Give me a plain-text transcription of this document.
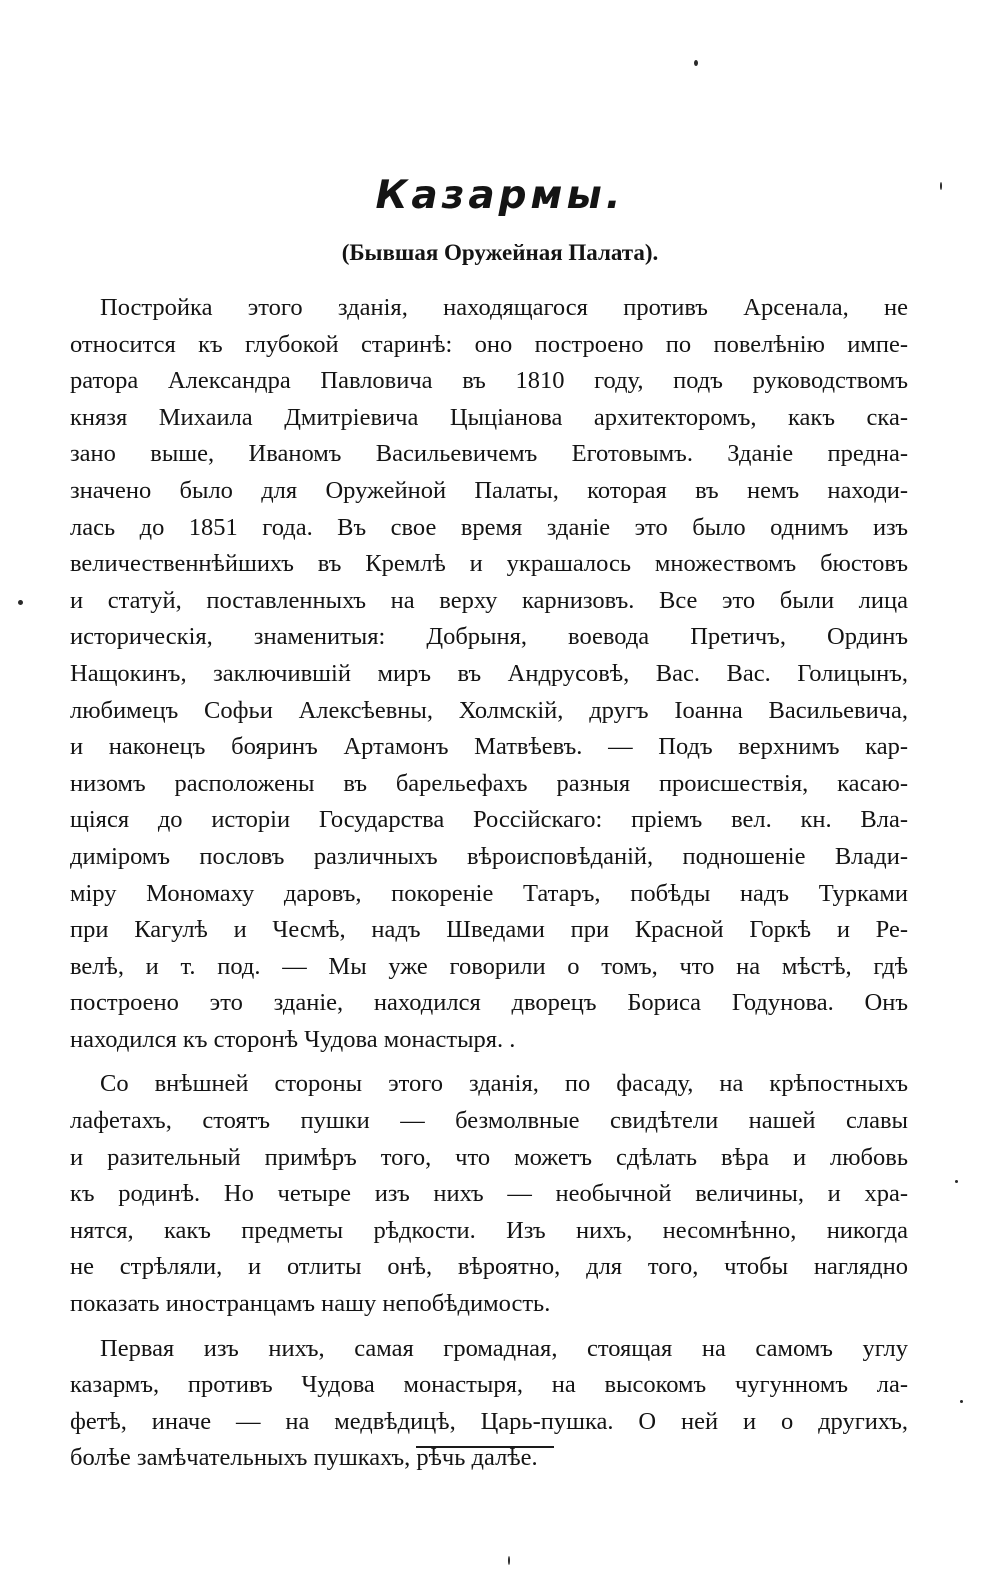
Казармы.
(Бывшая Оружейная Палата).
Постройка этого зданія, находящагося противъ Арсенала, не
относится къ глубокой старинѣ: оно построено по повелѣнію импе-
ратора Александра Павловича въ 1810 году, подъ руководствомъ
князя Михаила Дмитріевича Цыціанова архитекторомъ, какъ ска-
зано выше, Иваномъ Васильевичемъ Еготовымъ. Зданіе предна-
значено было для Оружейной Палаты, которая въ немъ находи-
лась до 1851 года. Въ свое время зданіе это было однимъ изъ
величественнѣйшихъ въ Кремлѣ и украшалось множествомъ бюстовъ
и статуй, поставленныхъ на верху карнизовъ. Все это были лица
историческія, знаменитыя: Добрыня, воевода Претичъ, Ординъ
Нащокинъ, заключившій миръ въ Андрусовѣ, Вас. Вас. Голицынъ,
любимецъ Софьи Алексѣевны, Холмскій, другъ Іоанна Васильевича,
и наконецъ бояринъ Артамонъ Матвѣевъ. — Подъ верхнимъ кар-
низомъ расположены въ барельефахъ разныя происшествія, касаю-
щіяся до исторіи Государства Россійскаго: пріемъ вел. кн. Вла-
диміромъ пословъ различныхъ вѣроисповѣданій, подношеніе Влади-
міру Мономаху даровъ, покореніе Татаръ, побѣды надъ Турками
при Кагулѣ и Чесмѣ, надъ Шведами при Красной Горкѣ и Ре-
велѣ, и т. под. — Мы уже говорили о томъ, что на мѣстѣ, гдѣ
построено это зданіе, находился дворецъ Бориса Годунова. Онъ
находился къ сторонѣ Чудова монастыря. .
Со внѣшней стороны этого зданія, по фасаду, на крѣпостныхъ
лафетахъ, стоятъ пушки — безмолвные свидѣтели нашей славы
и разительный примѣръ того, что можетъ сдѣлать вѣра и любовь
къ родинѣ. Но четыре изъ нихъ — необычной величины, и хра-
нятся, какъ предметы рѣдкости. Изъ нихъ, несомнѣнно, никогда
не стрѣляли, и отлиты онѣ, вѣроятно, для того, чтобы наглядно
показать иностранцамъ нашу непобѣдимость.
Первая изъ нихъ, самая громадная, стоящая на самомъ углу
казармъ, противъ Чудова монастыря, на высокомъ чугунномъ ла-
фетѣ, иначе — на медвѣдицѣ, Царь-пушка. О ней и о другихъ,
болѣе замѣчательныхъ пушкахъ, рѣчь далѣе.
